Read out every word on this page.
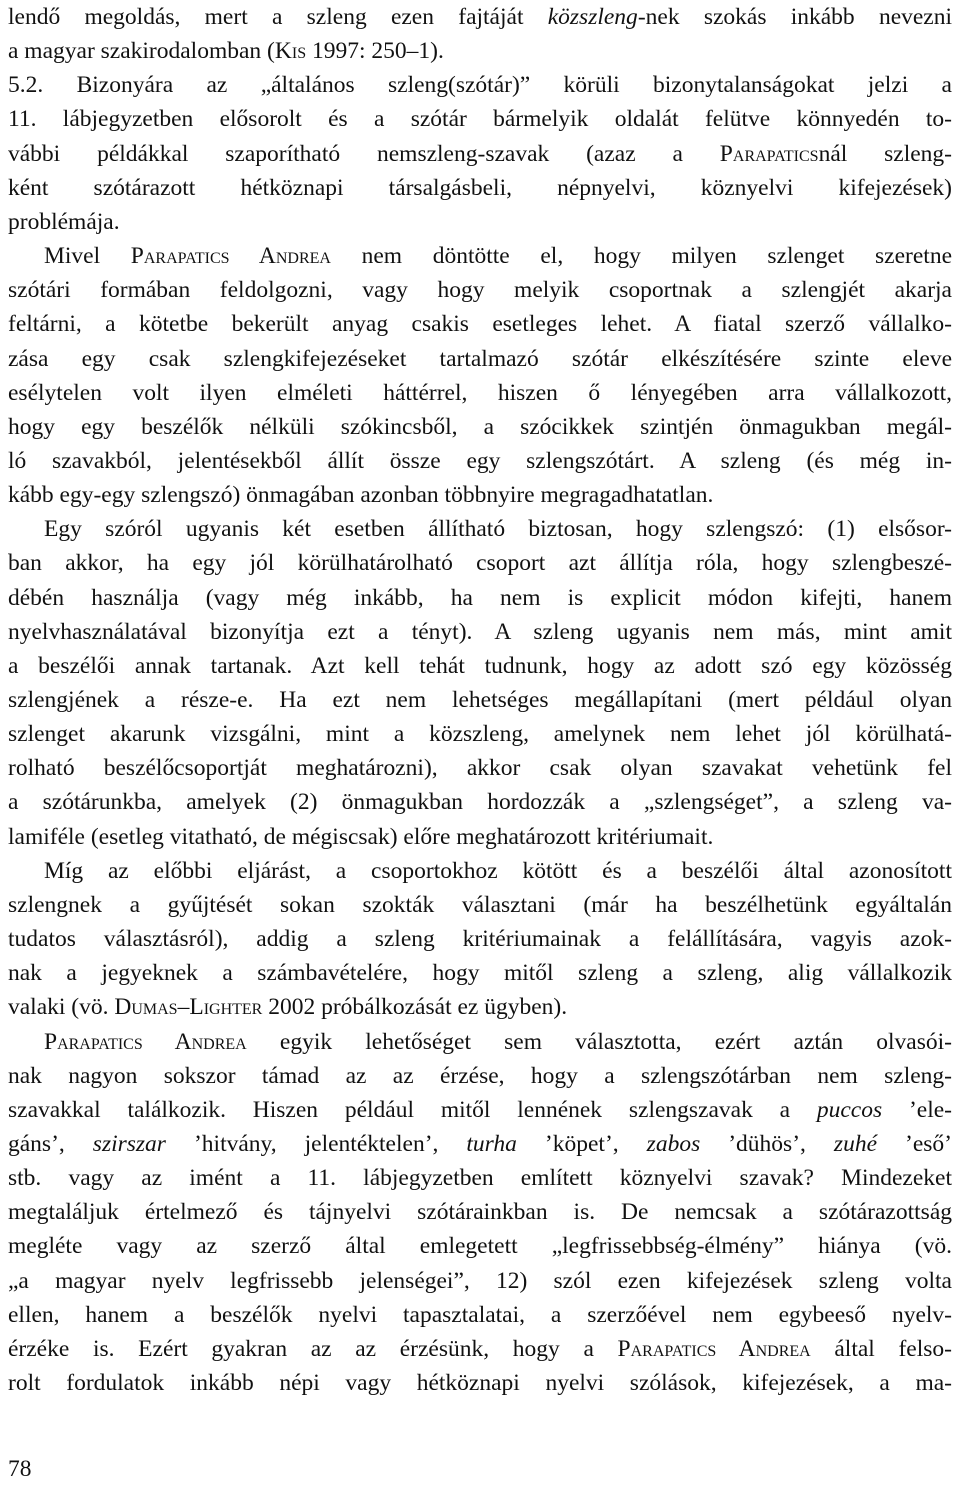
lendő megoldás, mert a szleng ezen fajtáját közszleng-nek szokás inkább nevezni
a magyar szakirodalomban (Kis 1997: 250–1).
5.2. Bizonyára az „általános szleng(szótár)” körüli bizonytalanságokat jelzi a
11. lábjegyzetben elősorolt és a szótár bármelyik oldalát felütve könnyedén to-
vábbi példákkal szaporítható nemszleng-szavak (azaz a Parapaticsnál szleng-
ként szótárazott hétköznapi társalgásbeli, népnyelvi, köznyelvi kifejezések)
problémája.
Mivel Parapatics Andrea nem döntötte el, hogy milyen szlenget szeretne
szótári formában feldolgozni, vagy hogy melyik csoportnak a szlengjét akarja
feltárni, a kötetbe bekerült anyag csakis esetleges lehet. A fiatal szerző vállalko-
zása egy csak szlengkifejezéseket tartalmazó szótár elkészítésére szinte eleve
esélytelen volt ilyen elméleti háttérrel, hiszen ő lényegében arra vállalkozott,
hogy egy beszélők nélküli szókincsből, a szócikkek szintjén önmagukban megál-
ló szavakból, jelentésekből állít össze egy szlengszótárt. A szleng (és még in-
kább egy-egy szlengszó) önmagában azonban többnyire megragadhatatlan.
Egy szóról ugyanis két esetben állítható biztosan, hogy szlengszó: (1) elsősor-
ban akkor, ha egy jól körülhatárolható csoport azt állítja róla, hogy szlengbeszé-
débén használja (vagy még inkább, ha nem is explicit módon kifejti, hanem
nyelvhasználatával bizonyítja ezt a tényt). A szleng ugyanis nem más, mint amit
a beszélői annak tartanak. Azt kell tehát tudnunk, hogy az adott szó egy közösség
szlengjének a része-e. Ha ezt nem lehetséges megállapítani (mert például olyan
szlenget akarunk vizsgálni, mint a közszleng, amelynek nem lehet jól körülhatá-
rolható beszélőcsoportját meghatározni), akkor csak olyan szavakat vehetünk fel
a szótárunkba, amelyek (2) önmagukban hordozzák a „szlengséget”, a szleng va-
lamiféle (esetleg vitatható, de mégiscsak) előre meghatározott kritériumait.
Míg az előbbi eljárást, a csoportokhoz kötött és a beszélői által azonosított
szlengnek a gyűjtését sokan szokták választani (már ha beszélhetünk egyáltalán
tudatos választásról), addig a szleng kritériumainak a felállítására, vagyis azok-
nak a jegyeknek a számbavételére, hogy mitől szleng a szleng, alig vállalkozik
valaki (vö. Dumas–Lighter 2002 próbálkozását ez ügyben).
Parapatics Andrea egyik lehetőséget sem választotta, ezért aztán olvasói-
nak nagyon sokszor támad az az érzése, hogy a szlengszótárban nem szleng-
szavakkal találkozik. Hiszen például mitől lennének szlengszavak a puccos ’ele-
gáns’, szirszar ’hitvány, jelentéktelen’, turha ’köpet’, zabos ’dühös’, zuhé ’eső’
stb. vagy az imént a 11. lábjegyzetben említett köznyelvi szavak? Mindezeket
megtaláljuk értelmező és tájnyelvi szótárainkban is. De nemcsak a szótárazottság
megléte vagy az szerző által emlegetett „legfrissebbség-élmény” hiánya (vö.
„a magyar nyelv legfrissebb jelenségei”, 12) szól ezen kifejezések szleng volta
ellen, hanem a beszélők nyelvi tapasztalatai, a szerzőével nem egybeeső nyelv-
érzéke is. Ezért gyakran az az érzésünk, hogy a Parapatics Andrea által felso-
rolt fordulatok inkább népi vagy hétköznapi nyelvi szólások, kifejezések, a ma-
78
